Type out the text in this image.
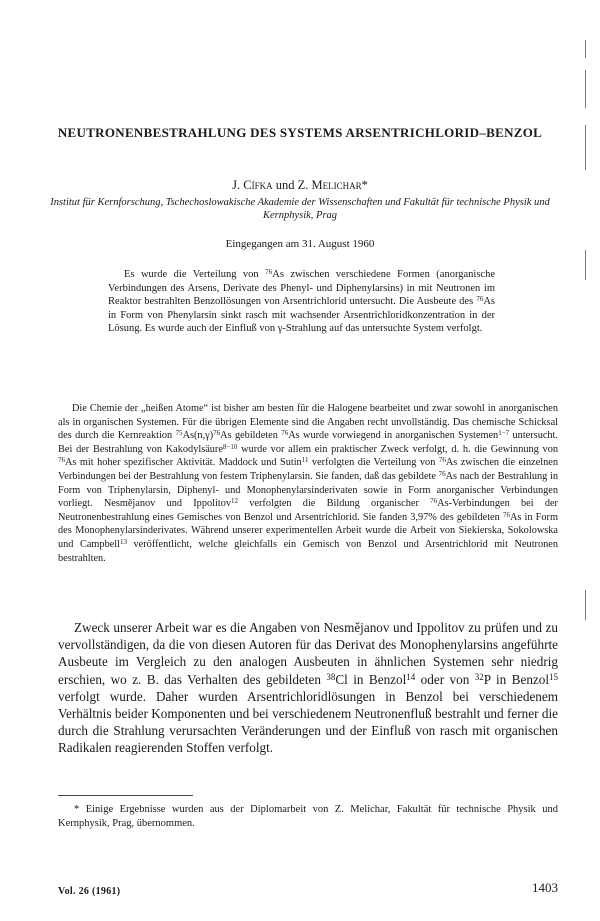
NEUTRONENBESTRAHLUNG DES SYSTEMS ARSENTRICHLORID–BENZOL
J. Cífka und Z. Melichar*
Institut für Kernforschung, Tschechoslowakische Akademie der Wissenschaften und Fakultät für technische Physik und Kernphysik, Prag
Eingegangen am 31. August 1960

Es wurde die Verteilung von $^{76}$As zwischen verschiedene Formen (anorganische Verbindungen des Arsens, Derivate des Phenyl- und Diphenylarsins) in mit Neutronen im Reaktor bestrahlten Benzollösungen von Arsentrichlorid untersucht. Die Ausbeute des $^{76}$As in Form von Phenylarsin sinkt rasch mit wachsender Arsentrichloridkonzentration in der Lösung. Es wurde auch der Einfluß von γ-Strahlung auf das untersuchte System verfolgt.

Die Chemie der „heißen Atome“ ist bisher am besten für die Halogene bearbeitet und zwar sowohl in anorganischen als in organischen Systemen. Für die übrigen Elemente sind die Angaben recht unvollständig. Das chemische Schicksal des durch die Kernreaktion $^{75}As(n,\gamma)^{76}As$ gebildeten $^{76}$As wurde vorwiegend in anorganischen Systemen$^{1-7}$ untersucht. Bei der Bestrahlung von Kakodylsäure$^{8-10}$ wurde vor allem ein praktischer Zweck verfolgt, d. h. die Gewinnung von $^{76}$As mit hoher spezifischer Aktivität. Maddock und Sutin$^{11}$ verfolgten die Verteilung von $^{76}$As zwischen die einzelnen Verbindungen bei der Bestrahlung von festem Triphenylarsin. Sie fanden, daß das gebildete $^{76}$As nach der Bestrahlung in Form von Triphenylarsin, Diphenyl- und Monophenylarsinderivaten sowie in Form anorganischer Verbindungen vorliegt. Nesmějanov und Ippolitov$^{12}$ verfolgten die Bildung organischer $^{76}$As-Verbindungen bei der Neutronenbestrahlung eines Gemisches von Benzol und Arsentrichlorid. Sie fanden 3,97% des gebildeten $^{76}$As in Form des Monophenylarsinderivates. Während unserer experimentellen Arbeit wurde die Arbeit von Siekierska, Sokolowska und Campbell$^{13}$ veröffentlicht, welche gleichfalls ein Gemisch von Benzol und Arsentrichlorid mit Neutronen bestrahlten.

Zweck unserer Arbeit war es die Angaben von Nesmějanov und Ippolitov zu prüfen und zu vervollständigen, da die von diesen Autoren für das Derivat des Monophenylarsins angeführte Ausbeute im Vergleich zu den analogen Ausbeuten in ähnlichen Systemen sehr niedrig erschien, wo z. B. das Verhalten des gebildeten $^{38}$Cl in Benzol$^{14}$ oder von $^{32}$P in Benzol$^{15}$ verfolgt wurde. Daher wurden Arsentrichloridlösungen in Benzol bei verschiedenem Verhältnis beider Komponenten und bei verschiedenem Neutronenfluß bestrahlt und ferner die durch die Strahlung verursachten Veränderungen und der Einfluß von rasch mit organischen Radikalen reagierenden Stoffen verfolgt.

* Einige Ergebnisse wurden aus der Diplomarbeit von Z. Melichar, Fakultät für technische Physik und Kernphysik, Prag, übernommen.

Vol. 26 (1961)	1403
